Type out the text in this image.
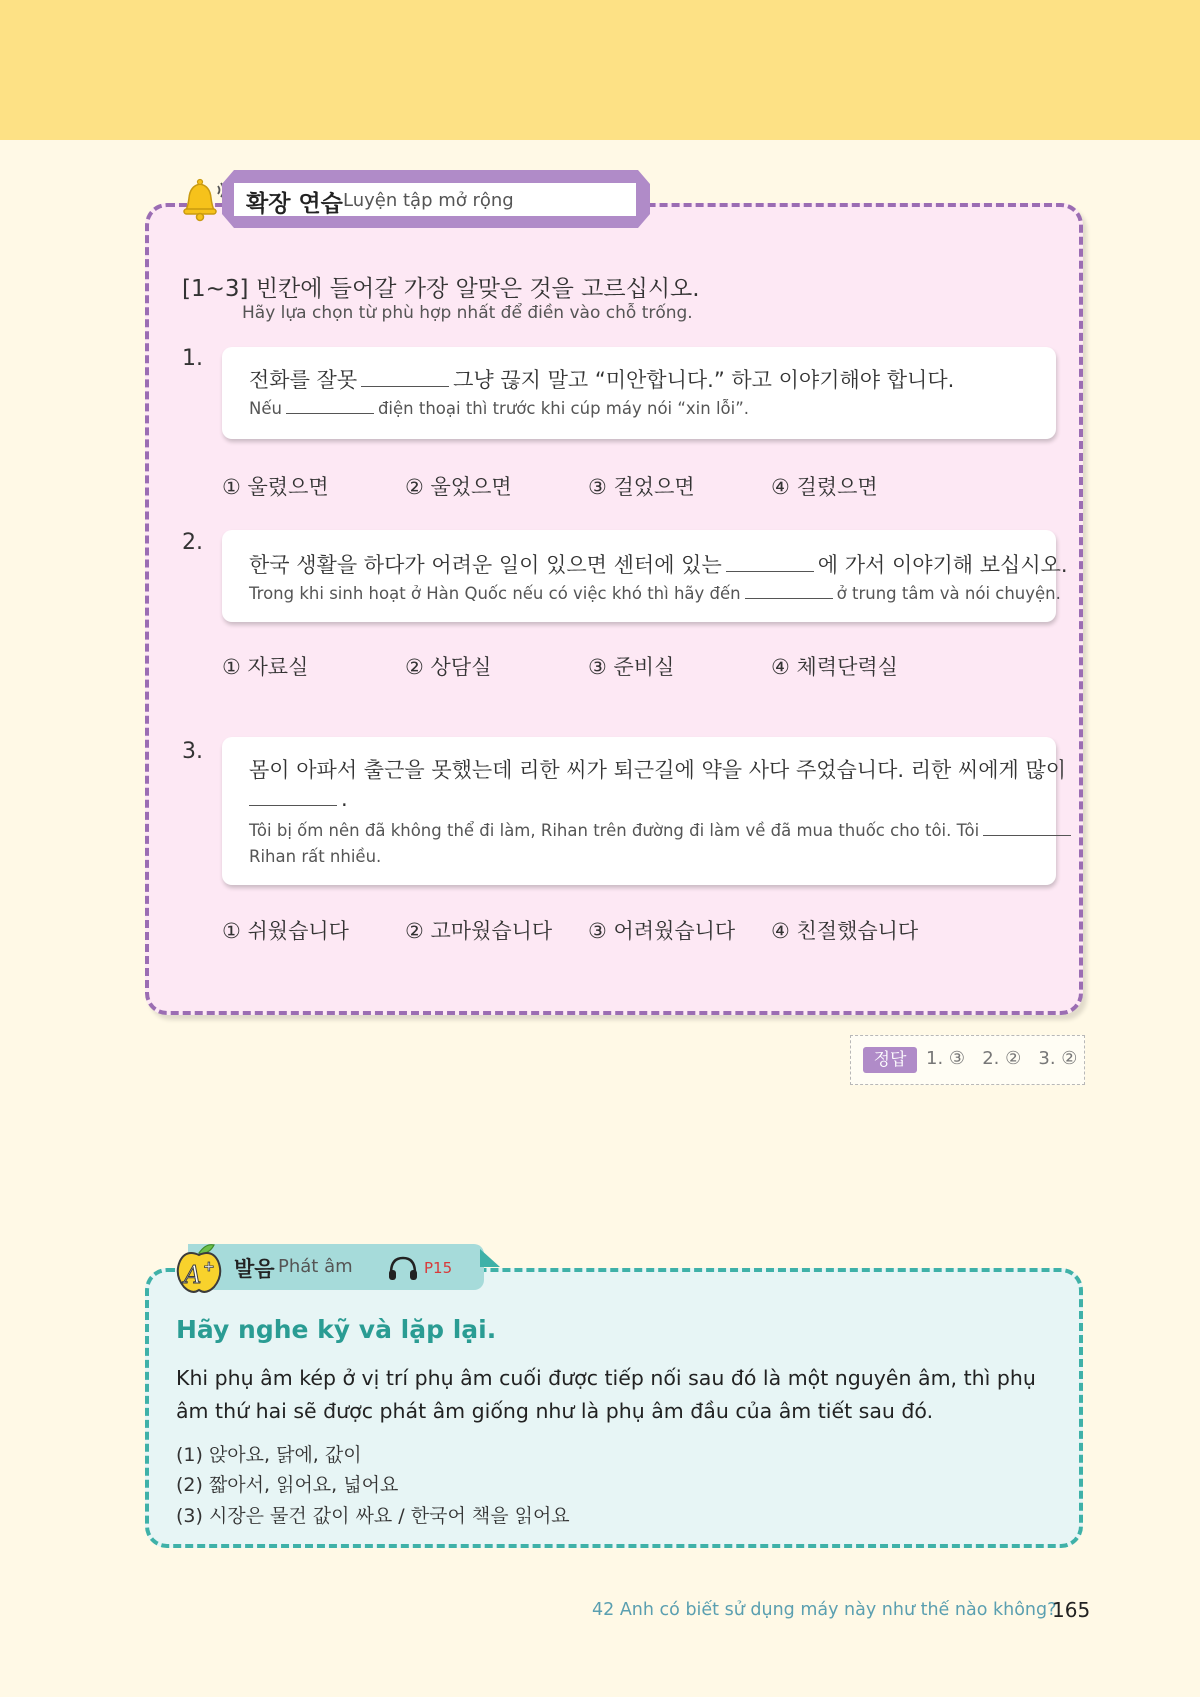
확장 연습 Luyện tập mở rộng
[1~3] 빈칸에 들어갈 가장 알맞은 것을 고르십시오.
Hãy lựa chọn từ phù hợp nhất để điền vào chỗ trống.
1.
전화를 잘못	그냥 끊지 말고 “미안합니다.” 하고 이야기해야 합니다.
Nếu	điện thoại thì trước khi cúp máy nói “xin lỗi”.
① 울렸으면	② 울었으면	③ 걸었으면	④ 걸렸으면
2.
한국 생활을 하다가 어려운 일이 있으면 센터에 있는	에 가서 이야기해 보십시오.
Trong khi sinh hoạt ở Hàn Quốc nếu có việc khó thì hãy đến	ở trung tâm và nói chuyện.
① 자료실	② 상담실	③ 준비실	④ 체력단력실
3.
몸이 아파서 출근을 못했는데 리한 씨가 퇴근길에 약을 사다 주었습니다. 리한 씨에게 많이
.
Tôi bị ốm nên đã không thể đi làm, Rihan trên đường đi làm về đã mua thuốc cho tôi. Tôi
Rihan rất nhiều.
① 쉬웠습니다	② 고마웠습니다 ③ 어려웠습니다 ④ 친절했습니다
정답	1. ③   2. ②   3. ②
A + 발음 Phát âm	P15
Hãy nghe kỹ và lặp lại.
Khi phụ âm kép ở vị trí phụ âm cuối được tiếp nối sau đó là một nguyên âm, thì phụ âm thứ hai sẽ được phát âm giống như là phụ âm đầu của âm tiết sau đó.
(1) 앉아요, 닭에, 값이
(2) 짧아서, 읽어요, 넓어요
(3) 시장은 물건 값이 싸요 / 한국어 책을 읽어요
42 Anh có biết sử dụng máy này như thế nào không?
165
